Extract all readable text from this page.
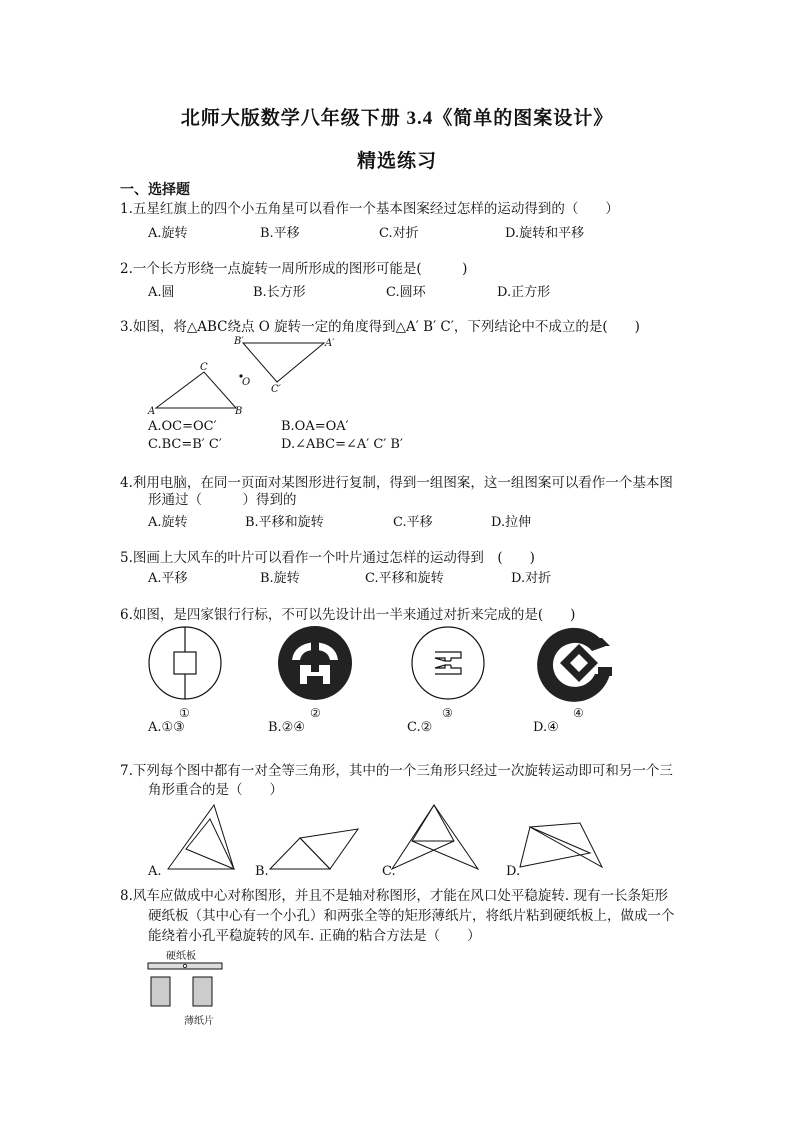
北师大版数学八年级下册 3.4《简单的图案设计》
精选练习
一、选择题
1.五星红旗上的四个小五角星可以看作一个基本图案经过怎样的运动得到的（　　）
A.旋转	B.平移	C.对折	D.旋转和平移
2.一个长方形绕一点旋转一周所形成的图形可能是(　　　)
A.圆	B.长方形	C.圆环	D.正方形
3.如图，将△ABC绕点 O 旋转一定的角度得到△A′ B′ C′，下列结论中不成立的是(　　)
A	B
C
O
B′	A′
C′
A.OC=OC′	B.OA=OA′
C.BC=B′ C′	D.∠ABC=∠A′ C′ B′
4.利用电脑，在同一页面对某图形进行复制，得到一组图案，这一组图案可以看作一个基本图
形通过（　　　）得到的
A.旋转	B.平移和旋转	C.平移	D.拉伸
5.图画上大风车的叶片可以看作一个叶片通过怎样的运动得到　(　　)
A.平移	B.旋转	C.平移和旋转	D.对折
6.如图，是四家银行行标，不可以先设计出一半来通过对折来完成的是(　　)
①	②	③	④
A.①③	B.②④	C.②	D.④
7.下列每个图中都有一对全等三角形，其中的一个三角形只经过一次旋转运动即可和另一个三
角形重合的是（　　）
A.	B.	C.	D.
8.风车应做成中心对称图形，并且不是轴对称图形，才能在风口处平稳旋转. 现有一长条矩形
硬纸板（其中心有一个小孔）和两张全等的矩形薄纸片，将纸片粘到硬纸板上，做成一个
能绕着小孔平稳旋转的风车. 正确的粘合方法是（　　）
硬纸板
薄纸片
